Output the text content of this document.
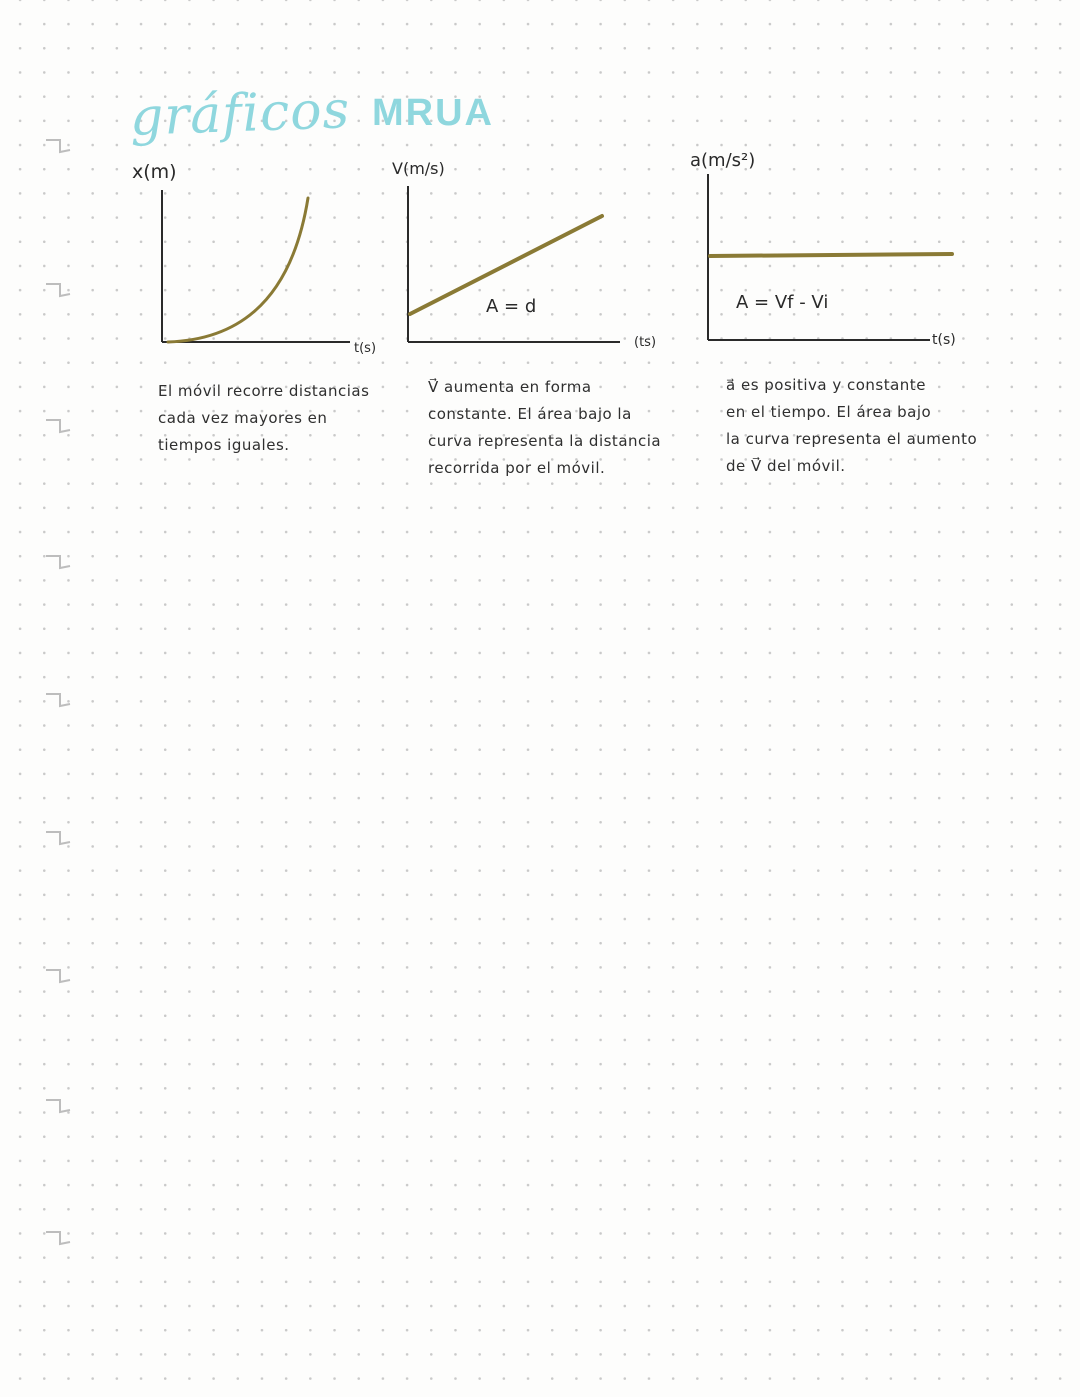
gráficos MRUA
x(m)
t(s)
V(m/s)
A = d
(ts)
a(m/s²)
A = Vf - Vi
t(s)
El móvil recorre distancias
cada vez mayores en
tiempos iguales.
V⃗ aumenta en forma
constante. El área bajo la
curva representa la distancia
recorrida por el móvil.
a⃗ es positiva y constante
en el tiempo. El área bajo
la curva representa el aumento
de V⃗ del móvil.
